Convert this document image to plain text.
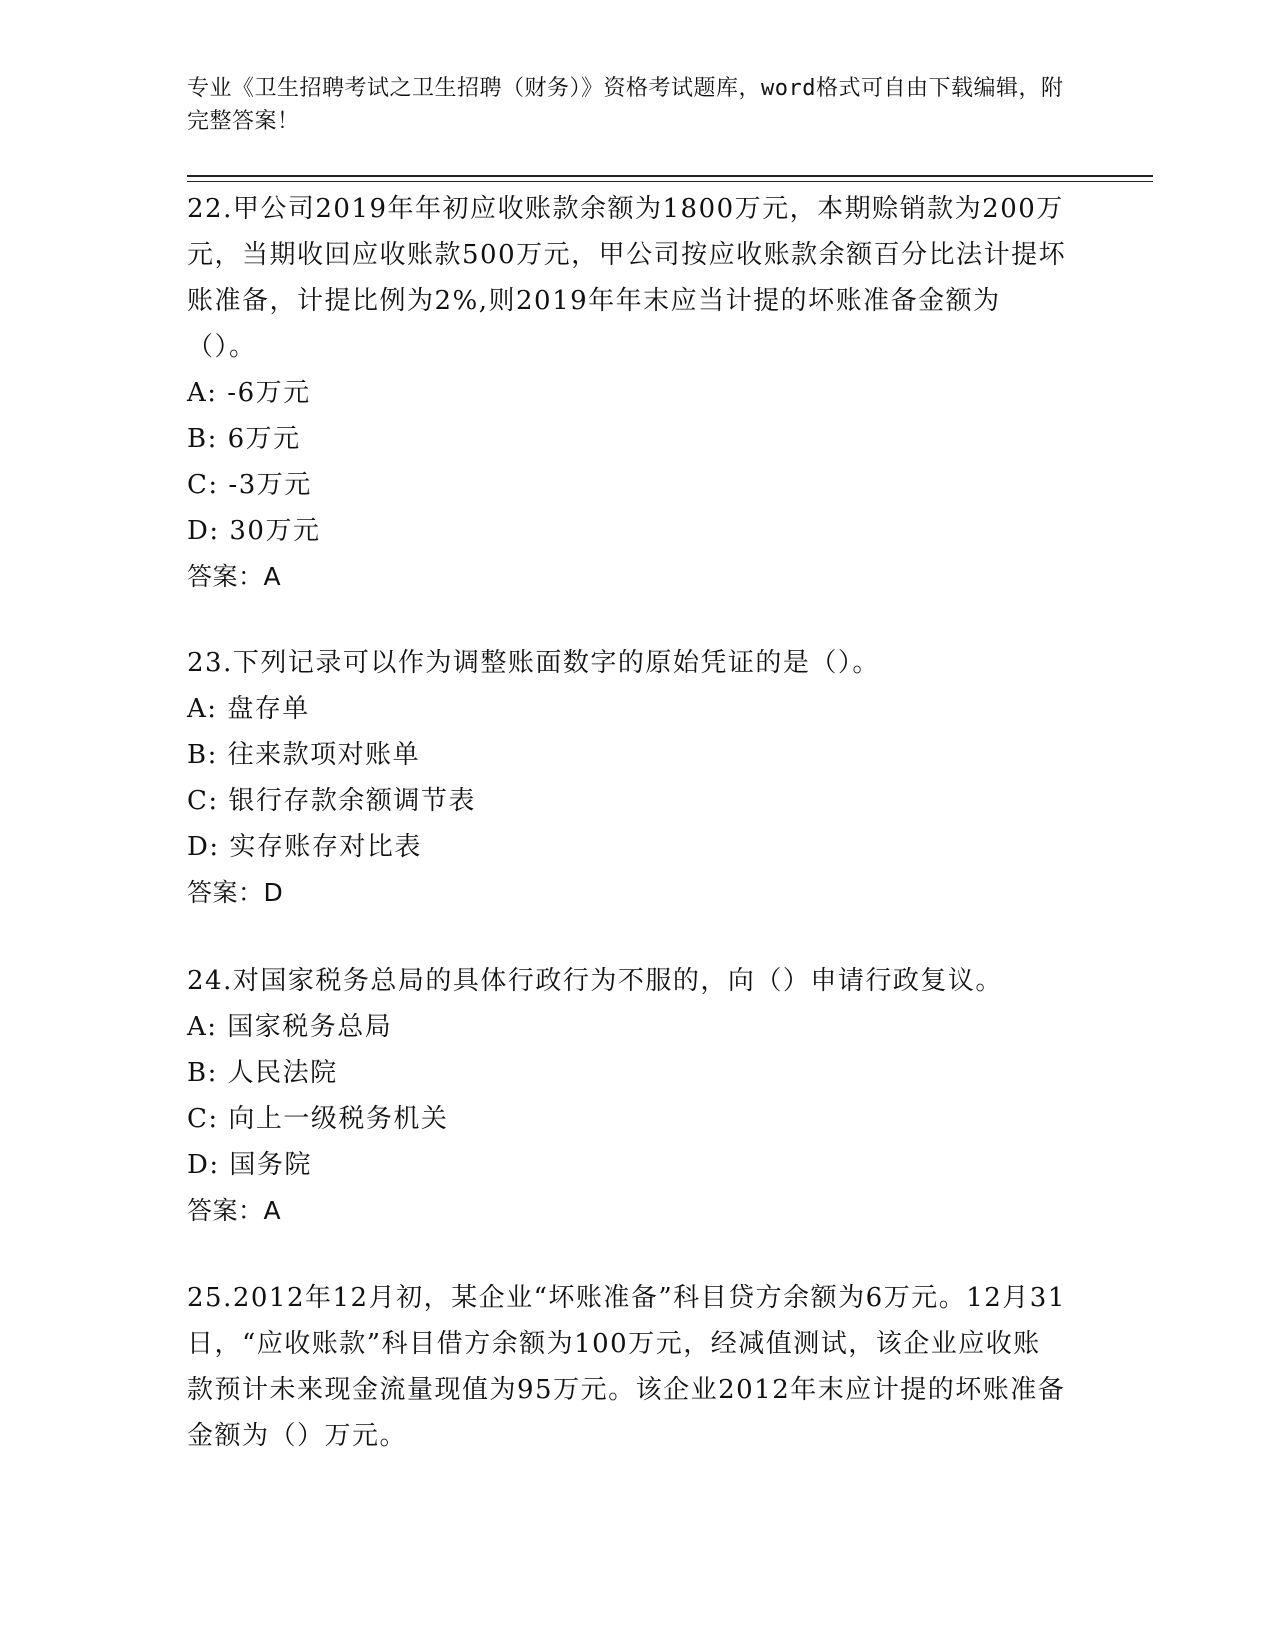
专业《卫生招聘考试之卫生招聘（财务）》资格考试题库，word格式可自由下载编辑，附完整答案！
22.甲公司2019年年初应收账款余额为1800万元，本期赊销款为200万元，当期收回应收账款500万元，甲公司按应收账款余额百分比法计提坏账准备，计提比例为2%,则2019年年末应当计提的坏账准备金额为（）。
A: -6万元
B: 6万元
C: -3万元
D: 30万元
答案：A
23.下列记录可以作为调整账面数字的原始凭证的是（）。
A: 盘存单
B: 往来款项对账单
C: 银行存款余额调节表
D: 实存账存对比表
答案：D
24.对国家税务总局的具体行政行为不服的，向（）申请行政复议。
A: 国家税务总局
B: 人民法院
C: 向上一级税务机关
D: 国务院
答案：A
25.2012年12月初，某企业“坏账准备”科目贷方余额为6万元。12月31日，“应收账款”科目借方余额为100万元，经减值测试，该企业应收账款预计未来现金流量现值为95万元。该企业2012年末应计提的坏账准备金额为（）万元。
